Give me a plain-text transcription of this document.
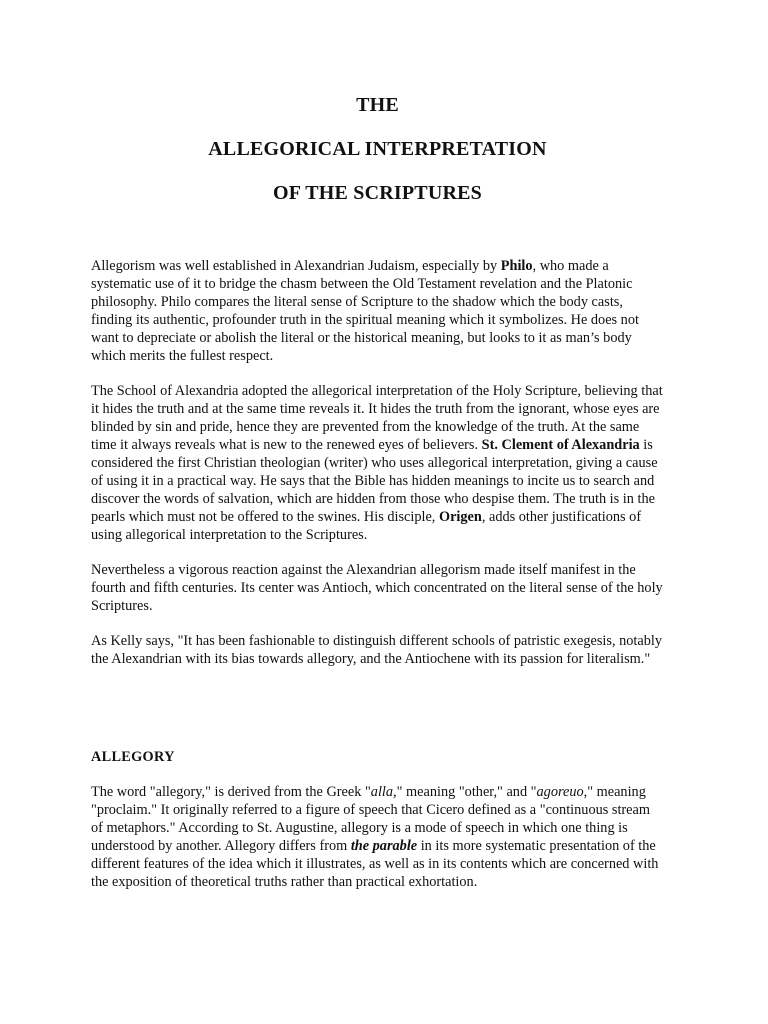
THE

ALLEGORICAL INTERPRETATION

OF THE SCRIPTURES

Allegorism was well established in Alexandrian Judaism, especially by Philo, who made a systematic use of it to bridge the chasm between the Old Testament revelation and the Platonic philosophy. Philo compares the literal sense of Scripture to the shadow which the body casts, finding its authentic, profounder truth in the spiritual meaning which it symbolizes. He does not want to depreciate or abolish the literal or the historical meaning, but looks to it as man’s body which merits the fullest respect.

The School of Alexandria adopted the allegorical interpretation of the Holy Scripture, believing that it hides the truth and at the same time reveals it. It hides the truth from the ignorant, whose eyes are blinded by sin and pride, hence they are prevented from the knowledge of the truth. At the same time it always reveals what is new to the renewed eyes of believers. St. Clement of Alexandria is considered the first Christian theologian (writer) who uses allegorical interpretation, giving a cause of using it in a practical way. He says that the Bible has hidden meanings to incite us to search and discover the words of salvation, which are hidden from those who despise them. The truth is in the pearls which must not be offered to the swines. His disciple, Origen, adds other justifications of using allegorical interpretation to the Scriptures.

Nevertheless a vigorous reaction against the Alexandrian allegorism made itself manifest in the fourth and fifth centuries. Its center was Antioch, which concentrated on the literal sense of the holy Scriptures.

As Kelly says, "It has been fashionable to distinguish different schools of patristic exegesis, notably the Alexandrian with its bias towards allegory, and the Antiochene with its passion for literalism."

ALLEGORY

The word "allegory," is derived from the Greek "alla," meaning "other," and "agoreuo," meaning "proclaim." It originally referred to a figure of speech that Cicero defined as a "continuous stream of metaphors." According to St. Augustine, allegory is a mode of speech in which one thing is understood by another. Allegory differs from the parable in its more systematic presentation of the different features of the idea which it illustrates, as well as in its contents which are concerned with the exposition of theoretical truths rather than practical exhortation.
